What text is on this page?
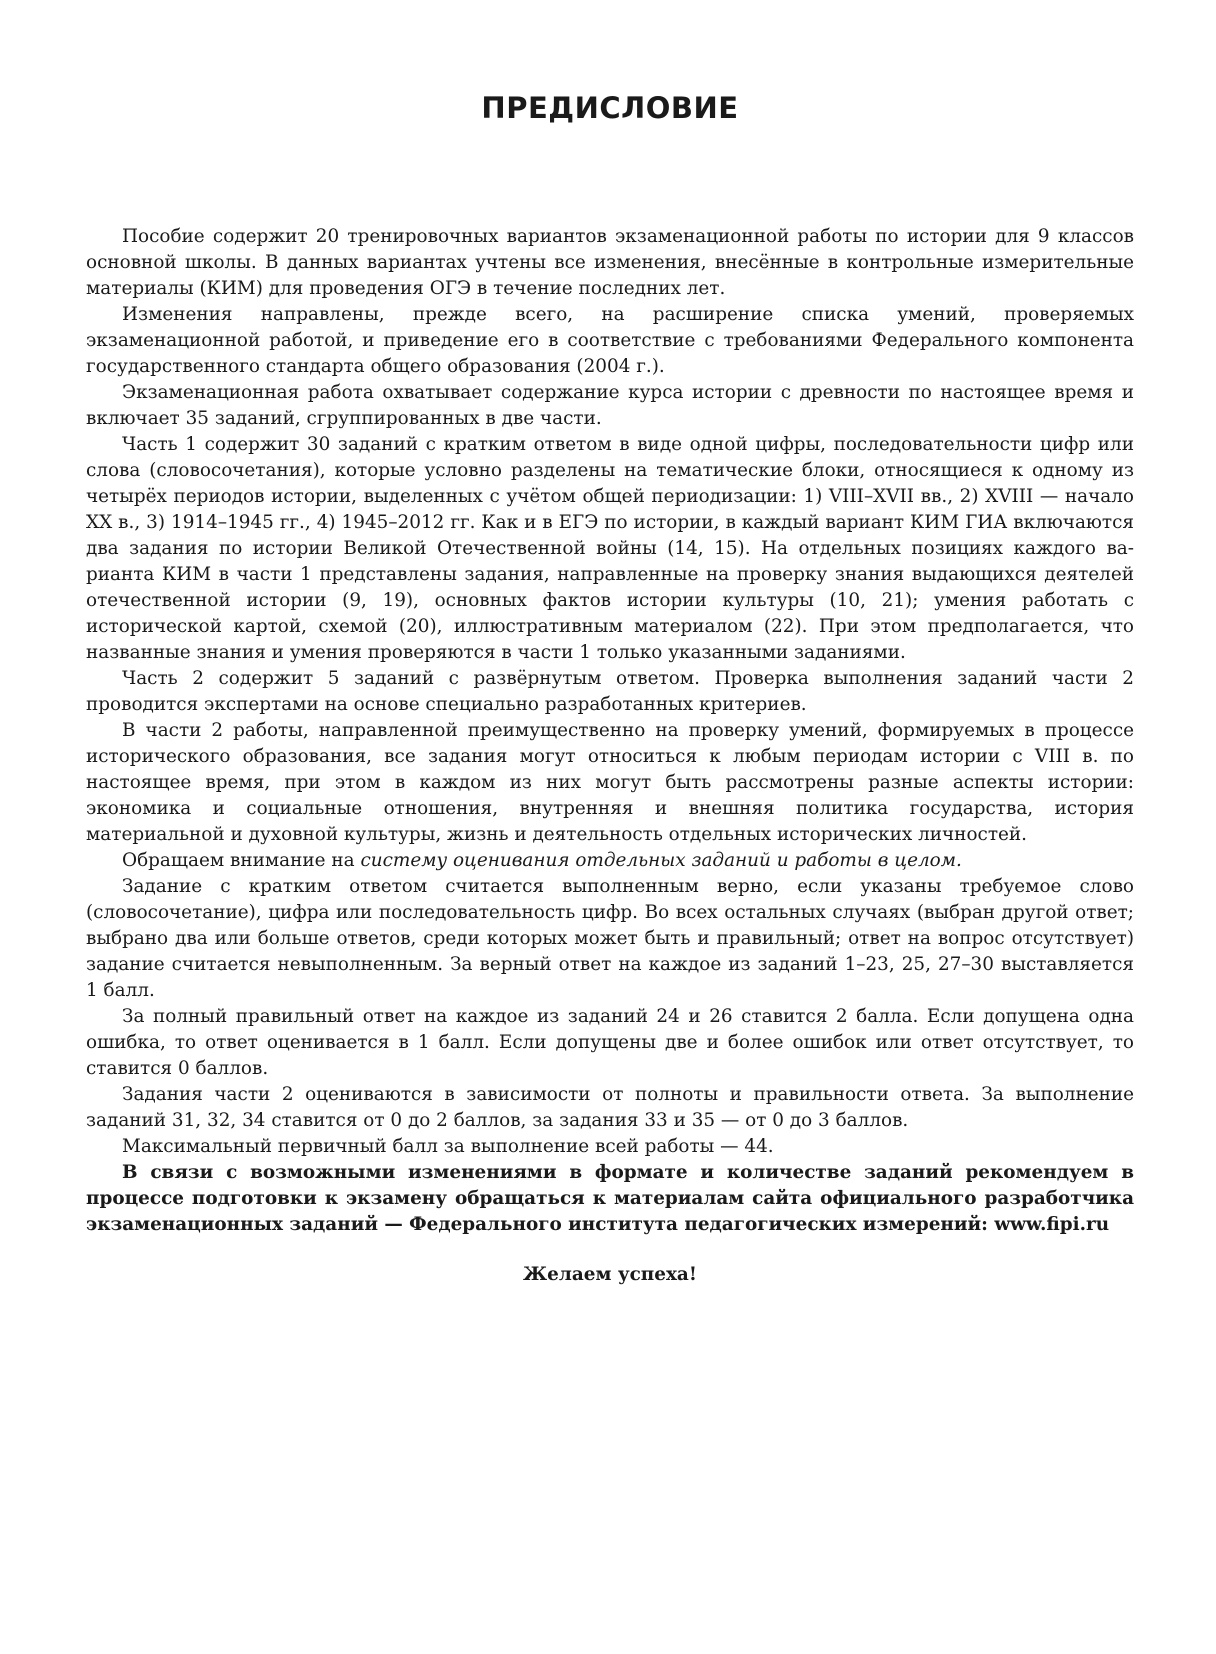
ПРЕДИСЛОВИЕ

Пособие содержит 20 тренировочных вариантов экзаменационной работы по истории для 9 классов основной школы. В данных вариантах учтены все изменения, внесённые в контрольные измерительные материалы (КИМ) для проведения ОГЭ в течение последних лет.

Изменения направлены, прежде всего, на расширение списка умений, проверяемых экзаменационной работой, и приведение его в соответствие с требованиями Федерального компонента государственного стандарта общего образования (2004 г.).

Экзаменационная работа охватывает содержание курса истории с древности по настоящее время и включает 35 заданий, сгруппированных в две части.

Часть 1 содержит 30 заданий с кратким ответом в виде одной цифры, последовательности цифр или слова (словосочетания), которые условно разделены на тематические блоки, относящиеся к одному из четырёх периодов истории, выделенных с учётом общей периодизации: 1) VIII–XVII вв., 2) XVIII — начало XX в., 3) 1914–1945 гг., 4) 1945–2012 гг. Как и в ЕГЭ по истории, в каждый вариант КИМ ГИА включаются два задания по истории Великой Отечественной войны (14, 15). На отдельных позициях каждого варианта КИМ в части 1 представлены задания, направленные на проверку знания выдающихся деятелей отечественной истории (9, 19), основных фактов истории культуры (10, 21); умения работать с исторической картой, схемой (20), иллюстративным материалом (22). При этом предполагается, что названные знания и умения проверяются в части 1 только указанными заданиями.

Часть 2 содержит 5 заданий с развёрнутым ответом. Проверка выполнения заданий части 2 проводится экспертами на основе специально разработанных критериев.

В части 2 работы, направленной преимущественно на проверку умений, формируемых в процессе исторического образования, все задания могут относиться к любым периодам истории с VIII в. по настоящее время, при этом в каждом из них могут быть рассмотрены разные аспекты истории: экономика и социальные отношения, внутренняя и внешняя политика государства, история материальной и духовной культуры, жизнь и деятельность отдельных исторических личностей.

Обращаем внимание на систему оценивания отдельных заданий и работы в целом.

Задание с кратким ответом считается выполненным верно, если указаны требуемое слово (словосочетание), цифра или последовательность цифр. Во всех остальных случаях (выбран другой ответ; выбрано два или больше ответов, среди которых может быть и правильный; ответ на вопрос отсутствует) задание считается невыполненным. За верный ответ на каждое из заданий 1–23, 25, 27–30 выставляется 1 балл.

За полный правильный ответ на каждое из заданий 24 и 26 ставится 2 балла. Если допущена одна ошибка, то ответ оценивается в 1 балл. Если допущены две и более ошибок или ответ отсутствует, то ставится 0 баллов.

Задания части 2 оцениваются в зависимости от полноты и правильности ответа. За выполнение заданий 31, 32, 34 ставится от 0 до 2 баллов, за задания 33 и 35 — от 0 до 3 баллов.

Максимальный первичный балл за выполнение всей работы — 44.

В связи с возможными изменениями в формате и количестве заданий рекомендуем в процессе подготовки к экзамену обращаться к материалам сайта официального разработчика экзаменационных заданий — Федерального института педагогических измерений: www.fipi.ru

Желаем успеха!
